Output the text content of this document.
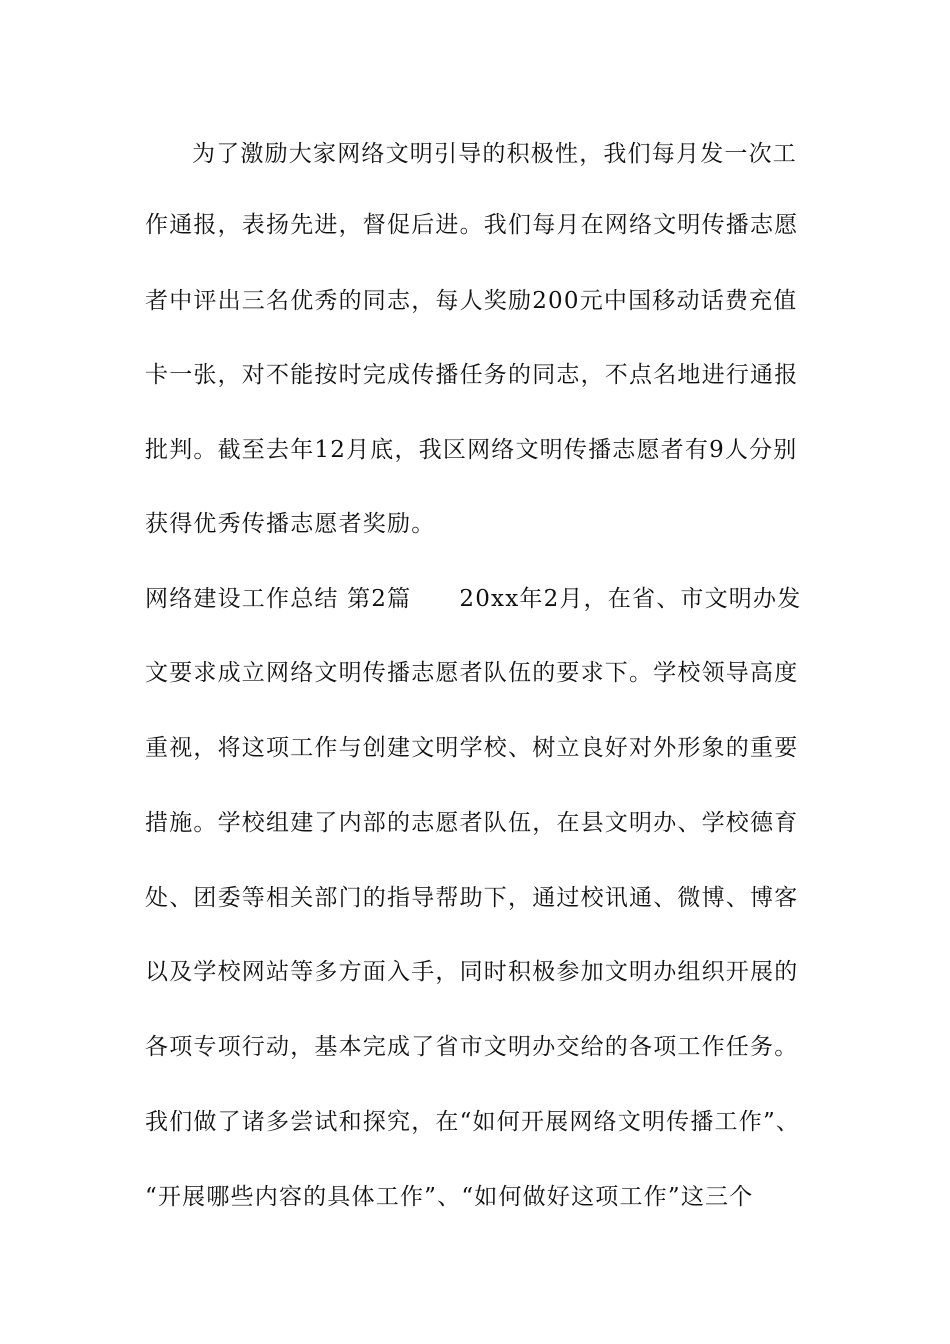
为了激励大家网络文明引导的积极性，我们每月发一次工
作通报，表扬先进，督促后进。我们每月在网络文明传播志愿
者中评出三名优秀的同志，每人奖励200元中国移动话费充值
卡一张，对不能按时完成传播任务的同志，不点名地进行通报
批判。截至去年12月底，我区网络文明传播志愿者有9人分别
获得优秀传播志愿者奖励。
网络建设工作总结 第2篇 20xx年2月，在省、市文明办发
文要求成立网络文明传播志愿者队伍的要求下。学校领导高度
重视，将这项工作与创建文明学校、树立良好对外形象的重要
措施。学校组建了内部的志愿者队伍，在县文明办、学校德育
处、团委等相关部门的指导帮助下，通过校讯通、微博、博客
以及学校网站等多方面入手，同时积极参加文明办组织开展的
各项专项行动，基本完成了省市文明办交给的各项工作任务。
我们做了诸多尝试和探究，在“如何开展网络文明传播工作”、
“开展哪些内容的具体工作”、“如何做好这项工作”这三个
